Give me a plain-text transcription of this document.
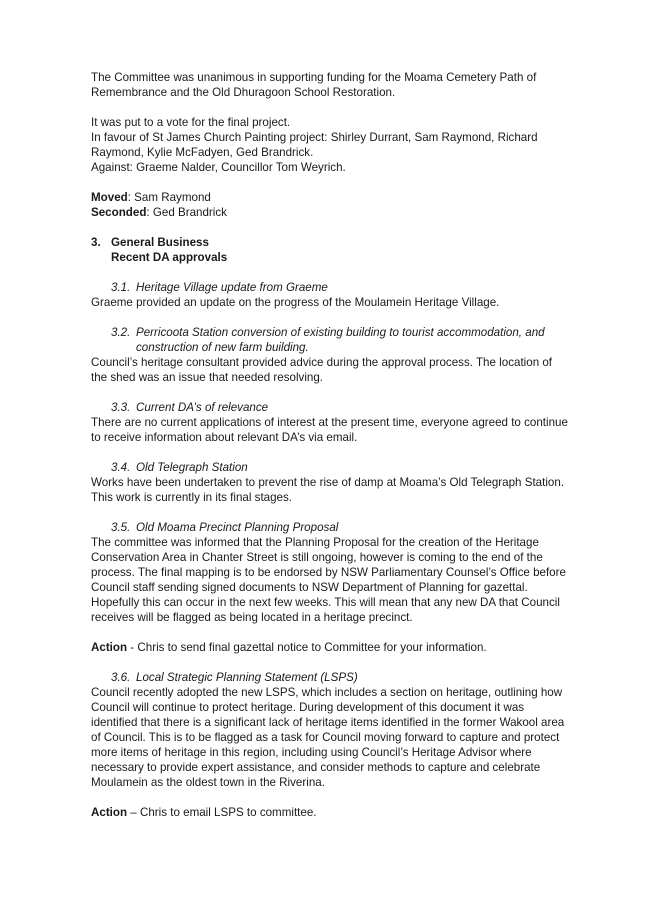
The Committee was unanimous in supporting funding for the Moama Cemetery Path of Remembrance and the Old Dhuragoon School Restoration.

It was put to a vote for the final project.

In favour of St James Church Painting project: Shirley Durrant, Sam Raymond, Richard Raymond, Kylie McFadyen, Ged Brandrick.

Against: Graeme Nalder, Councillor Tom Weyrich.

Moved: Sam Raymond

Seconded: Ged Brandrick

3. General Business
Recent DA approvals
3.1. Heritage Village update from Graeme

Graeme provided an update on the progress of the Moulamein Heritage Village.

3.2. Perricoota Station conversion of existing building to tourist accommodation, and construction of new farm building.

Council’s heritage consultant provided advice during the approval process. The location of the shed was an issue that needed resolving.

3.3. Current DA’s of relevance

There are no current applications of interest at the present time, everyone agreed to continue to receive information about relevant DA’s via email.

3.4. Old Telegraph Station

Works have been undertaken to prevent the rise of damp at Moama’s Old Telegraph Station. This work is currently in its final stages.

3.5. Old Moama Precinct Planning Proposal

The committee was informed that the Planning Proposal for the creation of the Heritage Conservation Area in Chanter Street is still ongoing, however is coming to the end of the process. The final mapping is to be endorsed by NSW Parliamentary Counsel’s Office before Council staff sending signed documents to NSW Department of Planning for gazettal. Hopefully this can occur in the next few weeks. This will mean that any new DA that Council receives will be flagged as being located in a heritage precinct.

Action - Chris to send final gazettal notice to Committee for your information.

3.6. Local Strategic Planning Statement (LSPS)

Council recently adopted the new LSPS, which includes a section on heritage, outlining how Council will continue to protect heritage. During development of this document it was identified that there is a significant lack of heritage items identified in the former Wakool area of Council. This is to be flagged as a task for Council moving forward to capture and protect more items of heritage in this region, including using Council’s Heritage Advisor where necessary to provide expert assistance, and consider methods to capture and celebrate Moulamein as the oldest town in the Riverina.

Action – Chris to email LSPS to committee.
